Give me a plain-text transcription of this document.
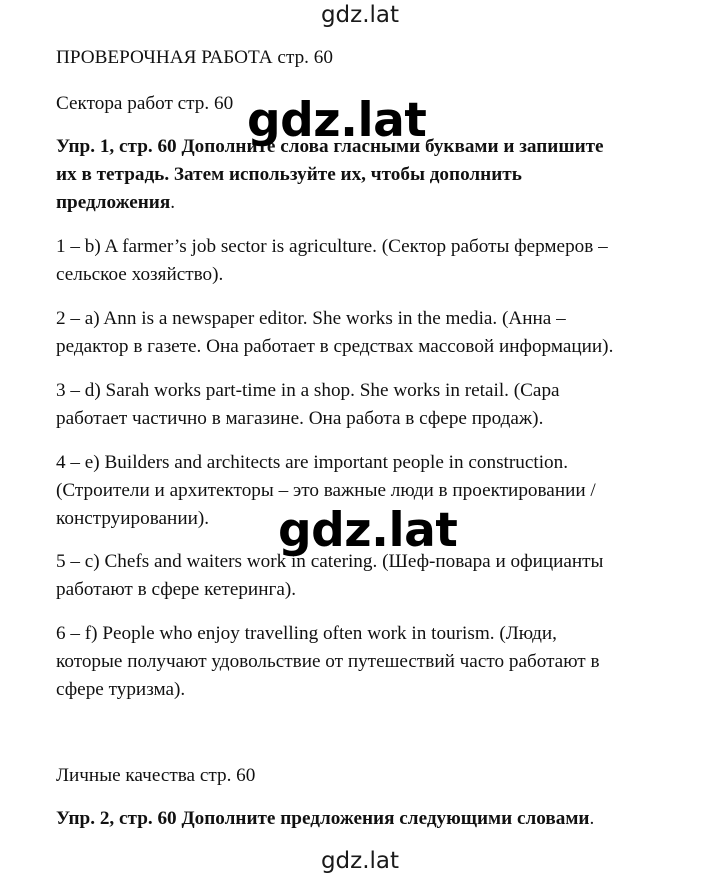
gdz.lat
ПРОВЕРОЧНАЯ РАБОТА стр. 60
Сектора работ стр. 60
Упр. 1, стр. 60 Дополните слова гласными буквами и запишите
их в тетрадь. Затем используйте их, чтобы дополнить
предложения.
1 – b) A farmer’s job sector is agriculture. (Сектор работы фермеров –
сельское хозяйство).
2 – a) Ann is a newspaper editor. She works in the media. (Анна –
редактор в газете. Она работает в средствах массовой информации).
3 – d) Sarah works part-time in a shop. She works in retail. (Сара
работает частично в магазине. Она работа в сфере продаж).
4 – e) Builders and architects are important people in construction.
(Строители и архитекторы – это важные люди в проектировании /
конструировании).
5 – c) Chefs and waiters work in catering. (Шеф-повара и официанты
работают в сфере кетеринга).
6 – f) People who enjoy travelling often work in tourism. (Люди,
которые получают удовольствие от путешествий часто работают в
сфере туризма).
Личные качества стр. 60
Упр. 2, стр. 60 Дополните предложения следующими словами.
gdz.lat
gdz.lat
gdz.lat
